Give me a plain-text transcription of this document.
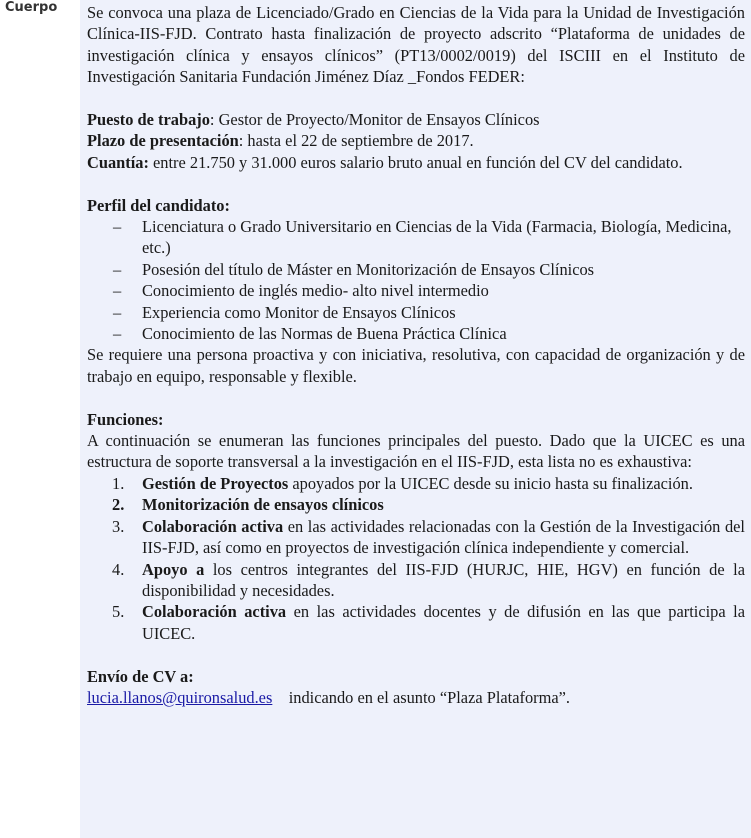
Cuerpo Se convoca una plaza de Licenciado/Grado en Ciencias de la Vida para la Unidad de Investigación Clínica-IIS-FJD. Contrato hasta finalización de proyecto adscrito “Plataforma de unidades de investigación clínica y ensayos clínicos” (PT13/0002/0019) del ISCIII en el Instituto de Investigación Sanitaria Fundación Jiménez Díaz _Fondos FEDER:

Puesto de trabajo: Gestor de Proyecto/Monitor de Ensayos Clínicos

Plazo de presentación: hasta el 22 de septiembre de 2017.

Cuantía: entre 21.750 y 31.000 euros salario bruto anual en función del CV del candidato.

Perfil del candidato:

– Licenciatura o Grado Universitario en Ciencias de la Vida (Farmacia, Biología, Medicina, etc.)
– Posesión del título de Máster en Monitorización de Ensayos Clínicos
– Conocimiento de inglés medio- alto nivel intermedio
– Experiencia como Monitor de Ensayos Clínicos
– Conocimiento de las Normas de Buena Práctica Clínica

Se requiere una persona proactiva y con iniciativa, resolutiva, con capacidad de organización y de trabajo en equipo, responsable y flexible.

Funciones:

A continuación se enumeran las funciones principales del puesto. Dado que la UICEC es una estructura de soporte transversal a la investigación en el IIS-FJD, esta lista no es exhaustiva:

1. Gestión de Proyectos apoyados por la UICEC desde su inicio hasta su finalización.
2. Monitorización de ensayos clínicos
3. Colaboración activa en las actividades relacionadas con la Gestión de la Investigación del IIS-FJD, así como en proyectos de investigación clínica independiente y comercial.
4. Apoyo a los centros integrantes del IIS-FJD (HURJC, HIE, HGV) en función de la disponibilidad y necesidades.
5. Colaboración activa en las actividades docentes y de difusión en las que participa la UICEC.

Envío de CV a:

lucia.llanos@quironsalud.es    indicando en el asunto “Plaza Plataforma”.
